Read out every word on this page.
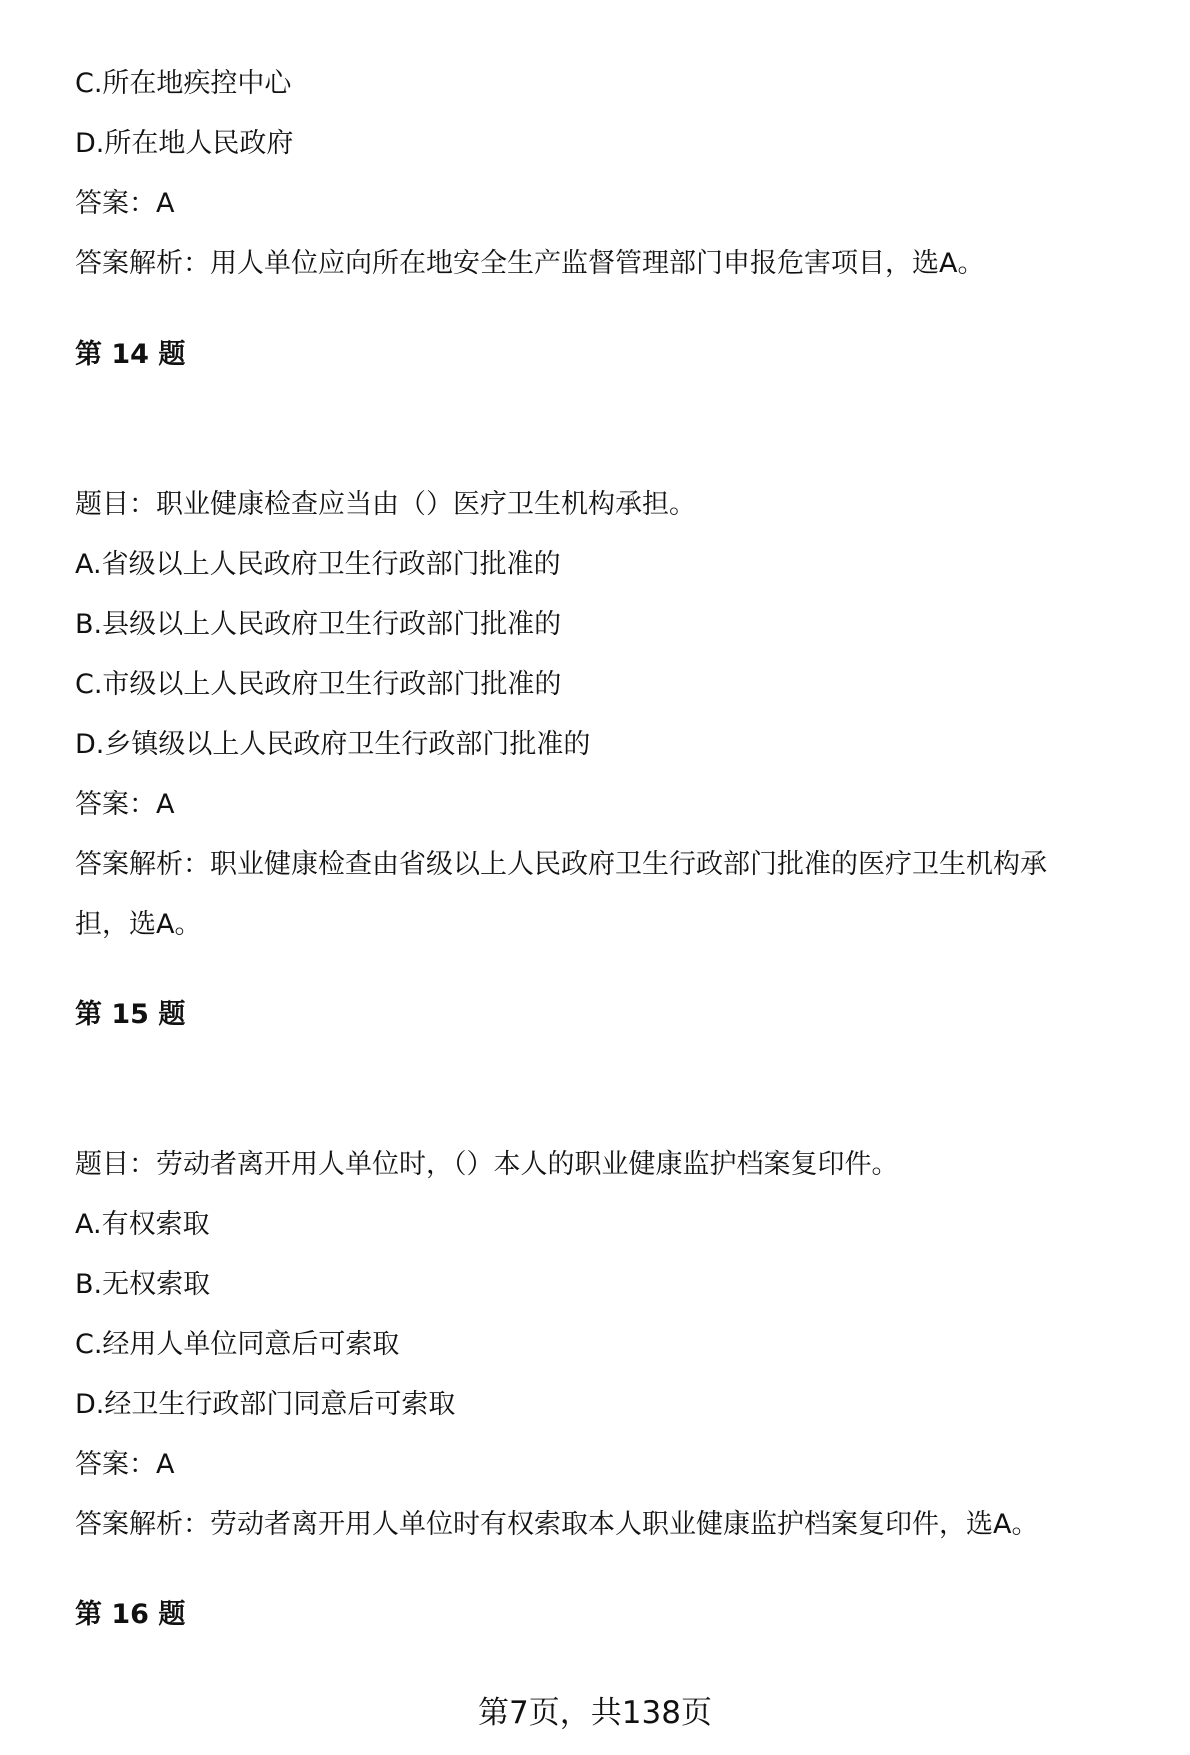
C.所在地疾控中心
D.所在地人民政府
答案：A
答案解析：用人单位应向所在地安全生产监督管理部门申报危害项目，选A。
第 14 题
题目：职业健康检查应当由（）医疗卫生机构承担。
A.省级以上人民政府卫生行政部门批准的
B.县级以上人民政府卫生行政部门批准的
C.市级以上人民政府卫生行政部门批准的
D.乡镇级以上人民政府卫生行政部门批准的
答案：A
答案解析：职业健康检查由省级以上人民政府卫生行政部门批准的医疗卫生机构承
担，选A。
第 15 题
题目：劳动者离开用人单位时，（）本人的职业健康监护档案复印件。
A.有权索取
B.无权索取
C.经用人单位同意后可索取
D.经卫生行政部门同意后可索取
答案：A
答案解析：劳动者离开用人单位时有权索取本人职业健康监护档案复印件，选A。
第 16 题
第7页，共138页
